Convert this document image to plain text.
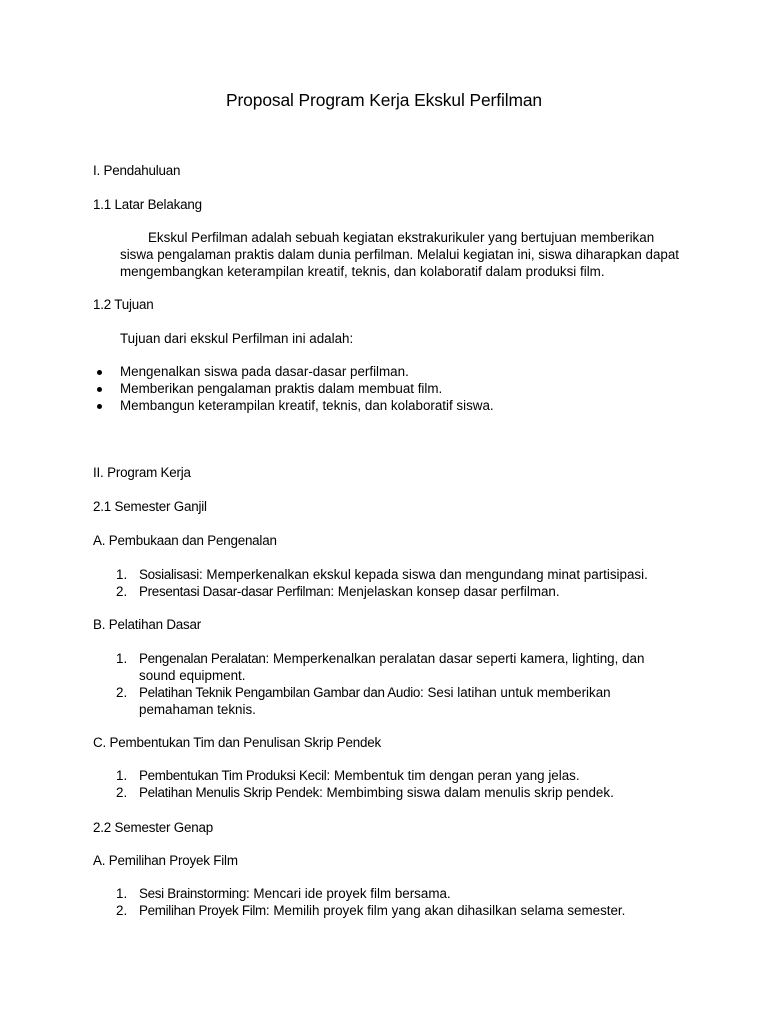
Proposal Program Kerja Ekskul Perfilman
I. Pendahuluan
1.1 Latar Belakang

Ekskul Perfilman adalah sebuah kegiatan ekstrakurikuler yang bertujuan memberikan siswa pengalaman praktis dalam dunia perfilman. Melalui kegiatan ini, siswa diharapkan dapat mengembangkan keterampilan kreatif, teknis, dan kolaboratif dalam produksi film.

1.2 Tujuan

Tujuan dari ekskul Perfilman ini adalah:

Mengenalkan siswa pada dasar-dasar perfilman.
Memberikan pengalaman praktis dalam membuat film.
Membangun keterampilan kreatif, teknis, dan kolaboratif siswa.
II. Program Kerja
2.1 Semester Ganjil
A. Pembukaan dan Pengenalan
1. Sosialisasi: Memperkenalkan ekskul kepada siswa dan mengundang minat partisipasi.
2. Presentasi Dasar-dasar Perfilman: Menjelaskan konsep dasar perfilman.
B. Pelatihan Dasar
1. Pengenalan Peralatan: Memperkenalkan peralatan dasar seperti kamera, lighting, dan sound equipment.
2. Pelatihan Teknik Pengambilan Gambar dan Audio: Sesi latihan untuk memberikan pemahaman teknis.
C. Pembentukan Tim dan Penulisan Skrip Pendek
1. Pembentukan Tim Produksi Kecil: Membentuk tim dengan peran yang jelas.
2. Pelatihan Menulis Skrip Pendek: Membimbing siswa dalam menulis skrip pendek.
2.2 Semester Genap
A. Pemilihan Proyek Film
1. Sesi Brainstorming: Mencari ide proyek film bersama.
2. Pemilihan Proyek Film: Memilih proyek film yang akan dihasilkan selama semester.
